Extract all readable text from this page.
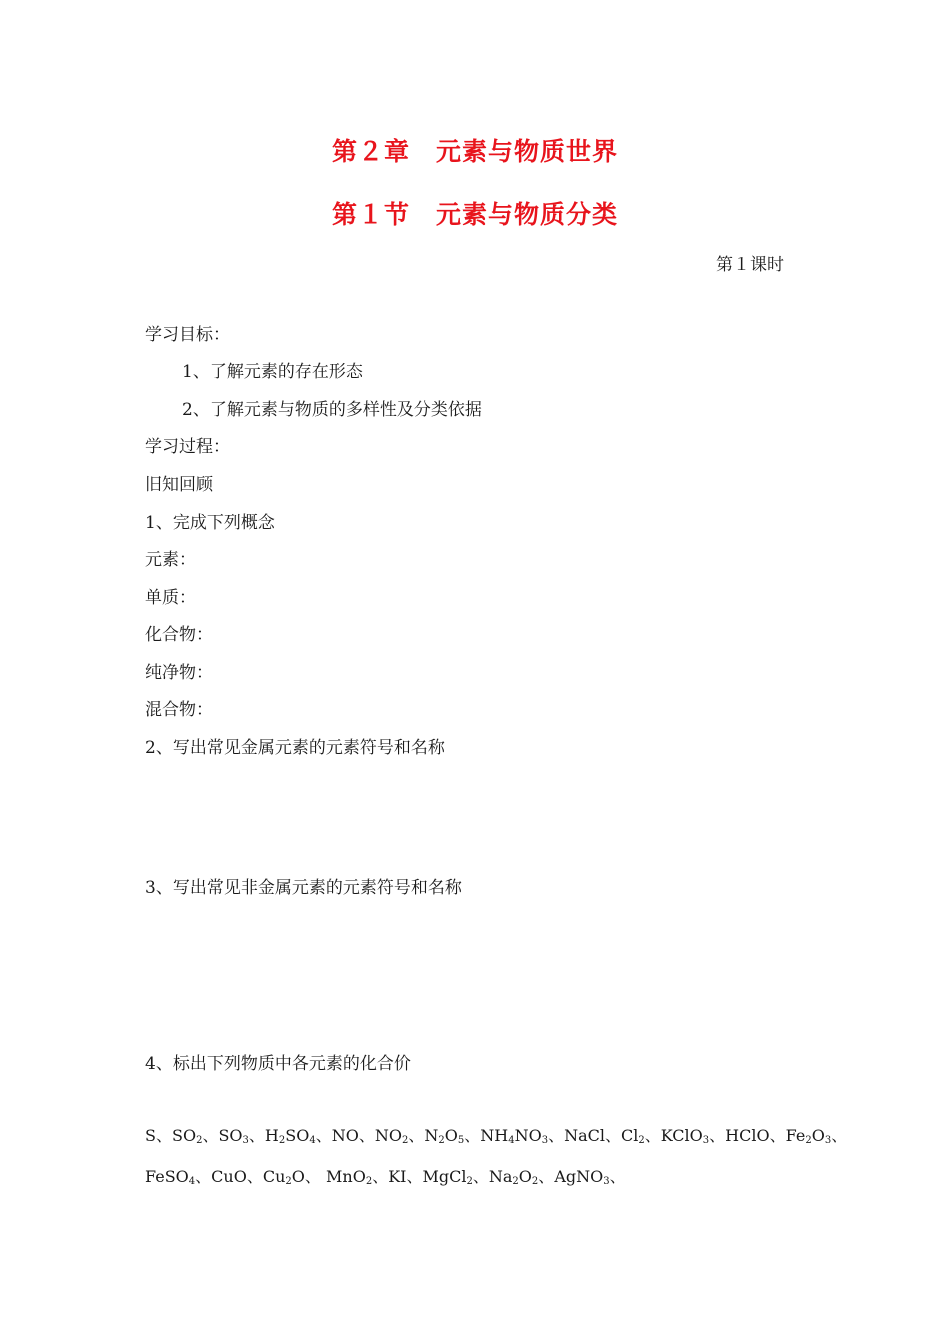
第２章　元素与物质世界
第１节　元素与物质分类
第１课时
学习目标：
1、了解元素的存在形态
2、了解元素与物质的多样性及分类依据
学习过程：
旧知回顾
1、完成下列概念
元素：
单质：
化合物：
纯净物：
混合物：
2、写出常见金属元素的元素符号和名称
3、写出常见非金属元素的元素符号和名称
4、标出下列物质中各元素的化合价
S、$SO_2$、$SO_3$、$H_2SO_4$、NO、$NO_2$、$N_2O_5$、$NH_4NO_3$、NaCl、$Cl_2$、KClO$_3$、HClO、$Fe_2O_3$、
FeSO$_4$、CuO、$Cu_2O$、 MnO$_2$、KI、MgCl$_2$、$Na_2O_2$、AgNO$_3$、
